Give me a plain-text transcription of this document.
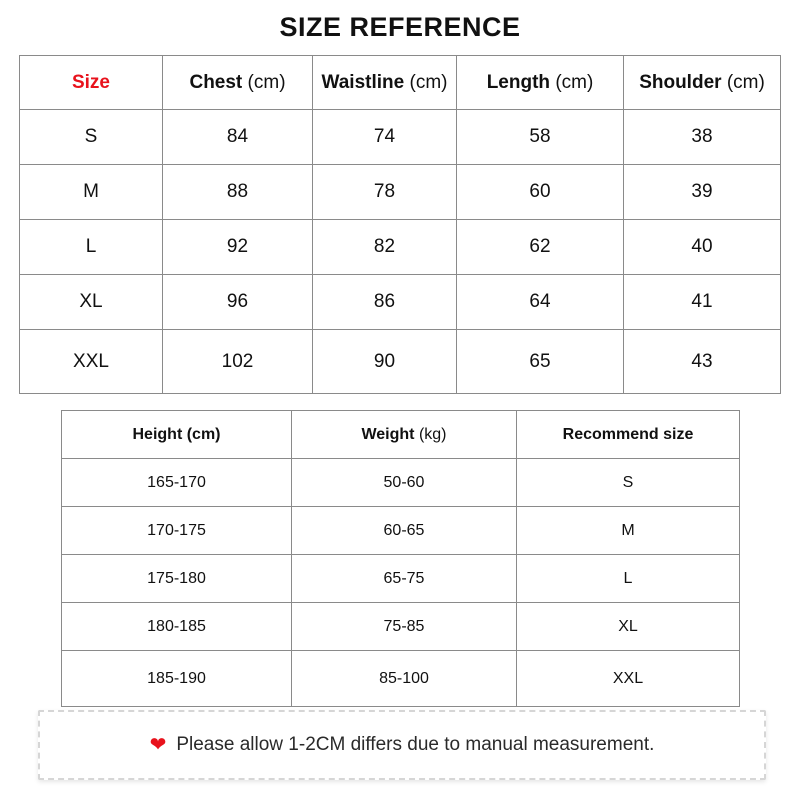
SIZE REFERENCE
Size	Chest (cm)	Waistline (cm)	Length (cm)	Shoulder (cm)
S	84	74	58	38
M	88	78	60	39
L	92	82	62	40
XL	96	86	64	41
XXL	102	90	65	43
Height (cm)	Weight (kg)	Recommend size
165-170	50-60	S
170-175	60-65	M
175-180	65-75	L
180-185	75-85	XL
185-190	85-100	XXL
❤ Please allow 1-2CM differs due to manual measurement.
